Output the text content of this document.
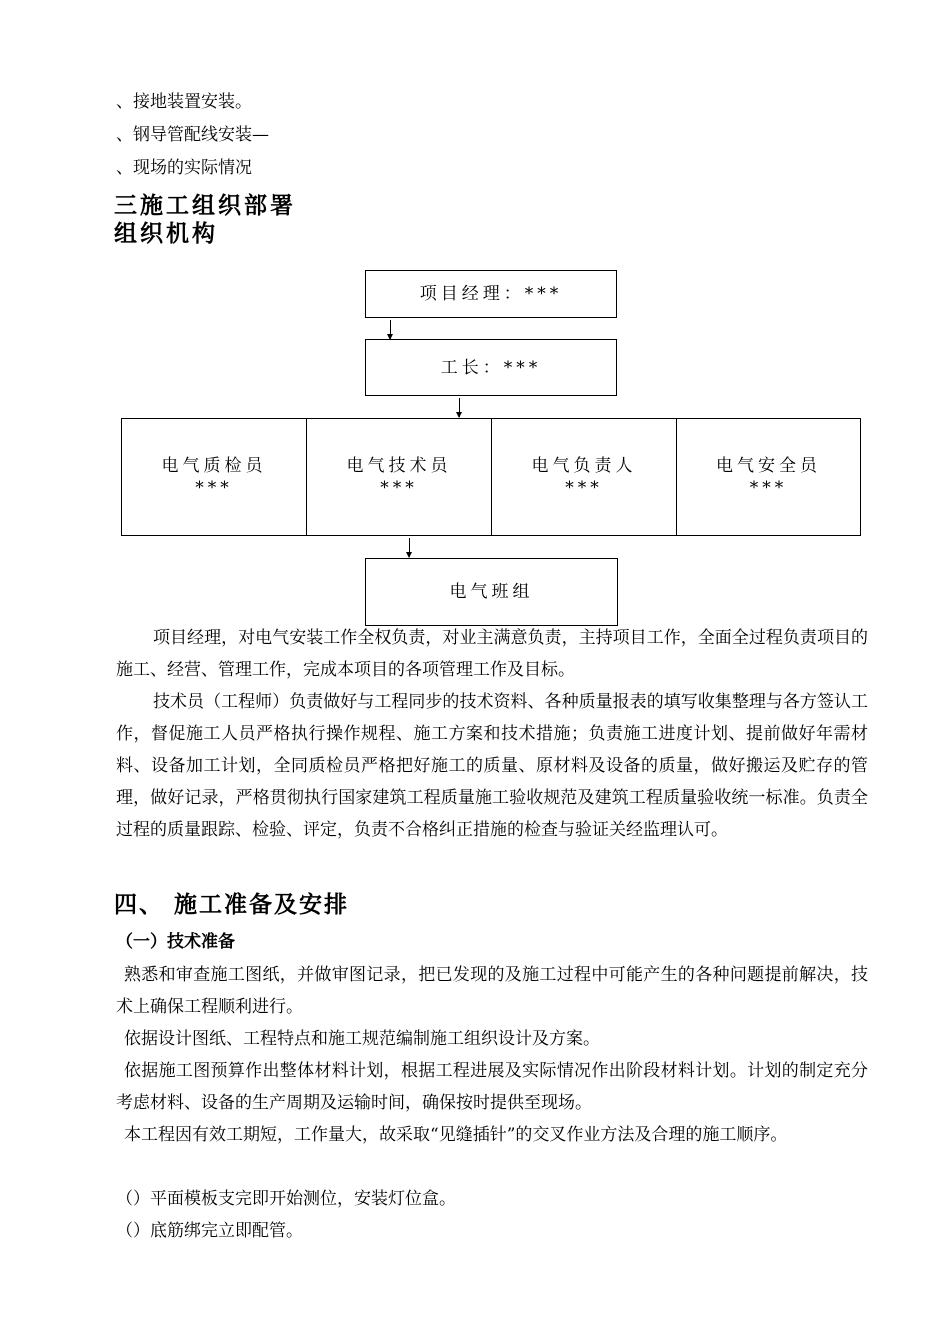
、接地装置安装。
、钢导管配线安装—
、现场的实际情况
三施工组织部署
组织机构
项目经理：***
工长：***
电气质检员
***
电气技术员
***
电气负责人
***
电气安全员
***
电气班组
项目经理，对电气安装工作全权负责，对业主满意负责，主持项目工作，全面全过程负责项目的施工、经营、管理工作，完成本项目的各项管理工作及目标。
技术员（工程师）负责做好与工程同步的技术资料、各种质量报表的填写收集整理与各方签认工作，督促施工人员严格执行操作规程、施工方案和技术措施；负责施工进度计划、提前做好年需材料、设备加工计划，全同质检员严格把好施工的质量、原材料及设备的质量，做好搬运及贮存的管理，做好记录，严格贯彻执行国家建筑工程质量施工验收规范及建筑工程质量验收统一标准。负责全过程的质量跟踪、检验、评定，负责不合格纠正措施的检查与验证关经监理认可。
四、 施工准备及安排
（一）技术准备
熟悉和审查施工图纸，并做审图记录，把已发现的及施工过程中可能产生的各种问题提前解决，技术上确保工程顺利进行。
依据设计图纸、工程特点和施工规范编制施工组织设计及方案。
依据施工图预算作出整体材料计划，根据工程进展及实际情况作出阶段材料计划。计划的制定充分考虑材料、设备的生产周期及运输时间，确保按时提供至现场。
本工程因有效工期短，工作量大，故采取“见缝插针”的交叉作业方法及合理的施工顺序。
（）平面模板支完即开始测位，安装灯位盒。
（）底筋绑完立即配管。
